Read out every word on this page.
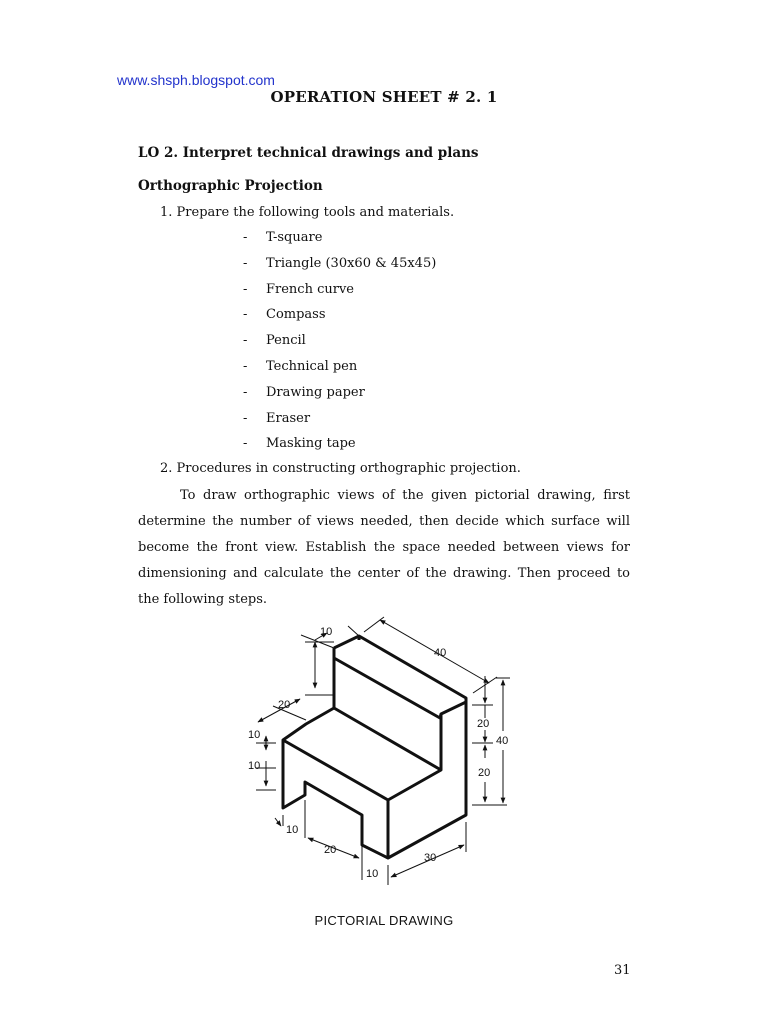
www.shsph.blogspot.com
OPERATION SHEET # 2. 1
LO 2. Interpret technical drawings and plans
Orthographic Projection
1. Prepare the following tools and materials.
-	T-square
-	Triangle (30x60 & 45x45)
-	French curve
-	Compass
-	Pencil
-	Technical pen
-	Drawing paper
-	Eraser
-	Masking tape
2. Procedures in constructing orthographic projection.
To draw orthographic views of the given pictorial drawing, first determine the number of views needed, then decide which surface will become the front view. Establish the space needed between views for dimensioning and calculate the center of the drawing. Then proceed to the following steps.
10
40
20
10
10
20
40
20
10
20
10
30
PICTORIAL DRAWING
31
